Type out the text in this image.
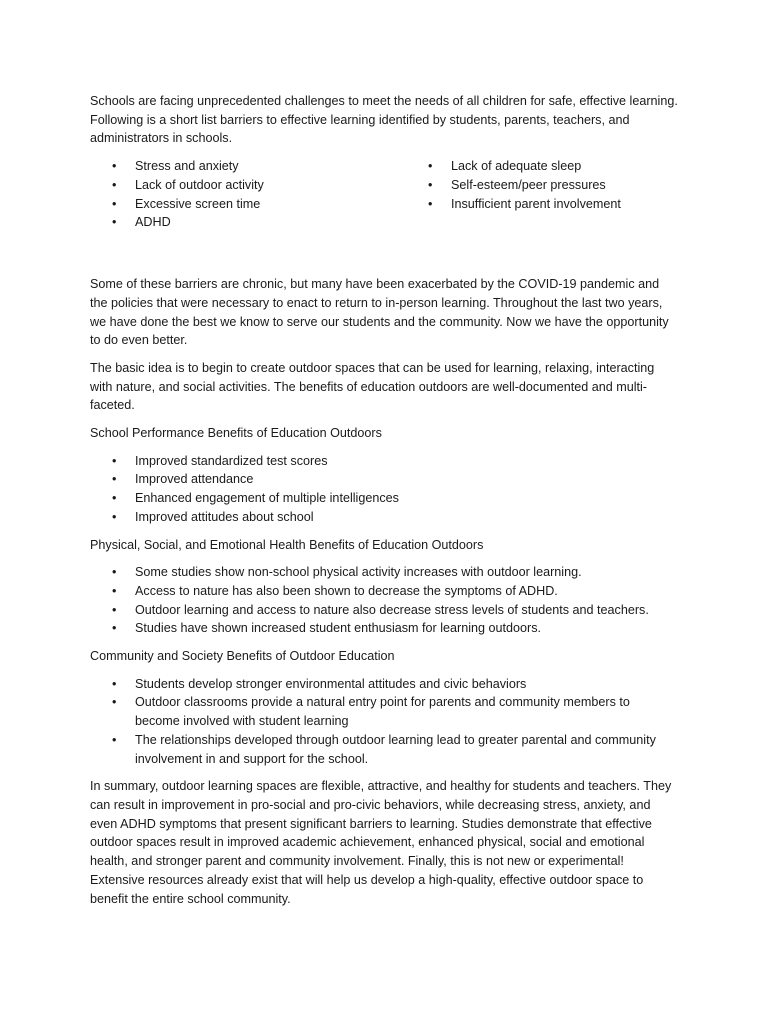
Schools are facing unprecedented challenges to meet the needs of all children for safe, effective learning. Following is a short list barriers to effective learning identified by students, parents, teachers, and administrators in schools.

• Stress and anxiety
• Lack of outdoor activity
• Excessive screen time
• ADHD
• Lack of adequate sleep
• Self-esteem/peer pressures
• Insufficient parent involvement

Some of these barriers are chronic, but many have been exacerbated by the COVID-19 pandemic and the policies that were necessary to enact to return to in-person learning. Throughout the last two years, we have done the best we know to serve our students and the community. Now we have the opportunity to do even better.

The basic idea is to begin to create outdoor spaces that can be used for learning, relaxing, interacting with nature, and social activities. The benefits of education outdoors are well-documented and multi-faceted.

School Performance Benefits of Education Outdoors

• Improved standardized test scores
• Improved attendance
• Enhanced engagement of multiple intelligences
• Improved attitudes about school

Physical, Social, and Emotional Health Benefits of Education Outdoors

• Some studies show non-school physical activity increases with outdoor learning.
• Access to nature has also been shown to decrease the symptoms of ADHD.
• Outdoor learning and access to nature also decrease stress levels of students and teachers.
• Studies have shown increased student enthusiasm for learning outdoors.

Community and Society Benefits of Outdoor Education

• Students develop stronger environmental attitudes and civic behaviors
• Outdoor classrooms provide a natural entry point for parents and community members to become involved with student learning
• The relationships developed through outdoor learning lead to greater parental and community involvement in and support for the school.

In summary, outdoor learning spaces are flexible, attractive, and healthy for students and teachers. They can result in improvement in pro-social and pro-civic behaviors, while decreasing stress, anxiety, and even ADHD symptoms that present significant barriers to learning. Studies demonstrate that effective outdoor spaces result in improved academic achievement, enhanced physical, social and emotional health, and stronger parent and community involvement. Finally, this is not new or experimental! Extensive resources already exist that will help us develop a high-quality, effective outdoor space to benefit the entire school community.
